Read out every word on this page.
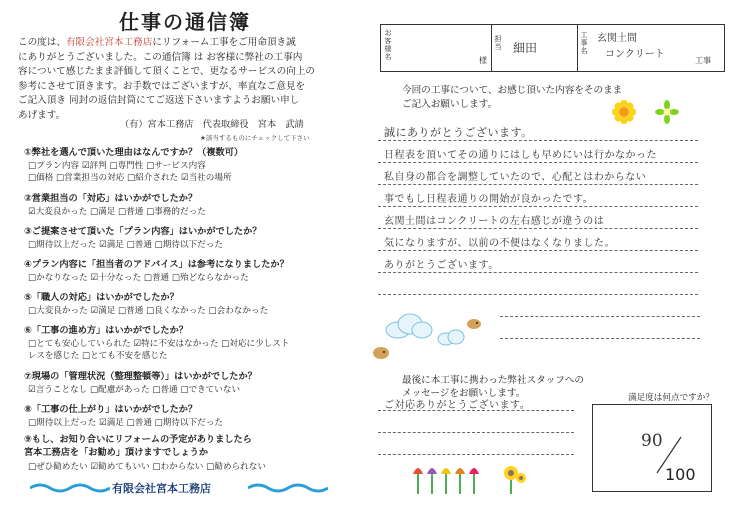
仕事の通信簿
この度は、有限会社宮本工務店にリフォーム工事をご用命頂き誠
にありがとうございました。この通信簿 は お客様に弊社の工事内
容について感じたまま評価して頂くことで、更なるサービスの向上の
参考にさせて頂きます。お手数ではございますが、率直なご意見を
ご記入頂き 同封の返信封筒にてご返送下さいますようお願い申し
あげます。
（有）宮本工務店　代表取締役　宮本　武請
★該当するものにチェックして下さい
①弊社を選んで頂いた理由はなんですか？（複数可）
□プラン内容 ☑評判 □専門性 □サービス内容
□価格 □営業担当の対応 □紹介された ☑当社の場所
②営業担当の「対応」はいかがでしたか？
☑大変良かった □満足 □普通 □事務的だった
③ご提案させて頂いた「プラン内容」はいかがでしたか？
□期待以上だった ☑満足 □普通 □期待以下だった
④プラン内容に「担当者のアドバイス」は参考になりましたか？
□かなりなった ☑十分なった □普通 □殆どならなかった
⑤「職人の対応」はいかがでしたか？
□大変良かった ☑満足 □普通 □良くなかった □会わなかった
⑥「工事の進め方」はいかがでしたか？
□とても安心していられた ☑特に不安はなかった □対応に少しスト
レスを感じた □とても不安を感じた
⑦現場の「管理状況（整理整頓等）」はいかがでしたか？
☑言うことなし □配慮があった □普通 □できていない
⑧「工事の仕上がり」はいかがでしたか？
□期待以上だった ☑満足 □普通 □期待以下だった
⑨もし、お知り合いにリフォームの予定がありましたら
宮本工務店を「お勧め」頂けますでしょうか
□ぜひ勧めたい ☑勧めてもいい □わからない □勧められない
有限会社宮本工務店
お客様名	様
担当 細田
工事名
玄関土間
コンクリート
工事
今回の工事について、お感じ頂いた内容をそのまま
ご記入お願いします。
誠にありがとうございます。
日程表を頂いてその通りにはしも早めにいは行かなかった
私自身の都合を調整していたので、心配とはわからない
事でもし日程表通りの開始が良かったです。
玄関土間はコンクリートの左右感じが違うのは
気になりますが、以前の不便はなくなりました。
ありがとうございます。
最後に本工事に携わった弊社スタッフへの
メッセージをお願いします。
ご対応ありがとうございます。
満足度は何点ですか？
90
100
